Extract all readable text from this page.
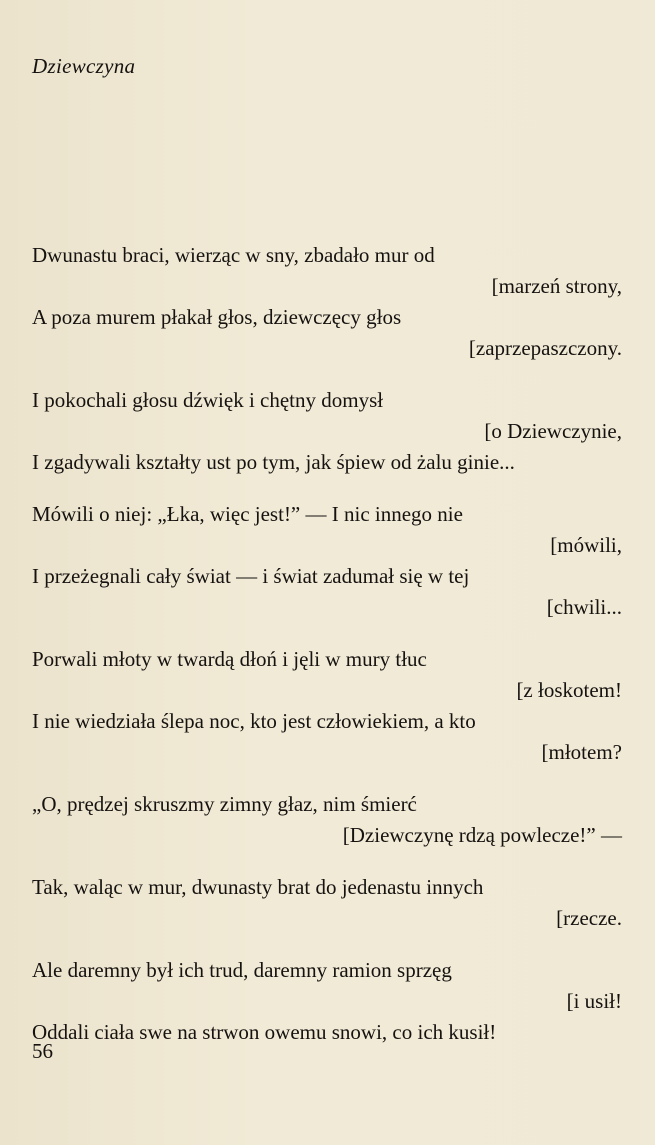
Dziewczyna
Dwunastu braci, wierząc w sny, zbadało mur od
[marzeń strony,
A poza murem płakał głos, dziewczęcy głos
[zaprzepaszczony.
I pokochali głosu dźwięk i chętny domysł
[o Dziewczynie,
I zgadywali kształty ust po tym, jak śpiew od żalu ginie...
Mówili o niej: „Łka, więc jest!” — I nic innego nie
[mówili,
I przeżegnali cały świat — i świat zadumał się w tej
[chwili...
Porwali młoty w twardą dłoń i jęli w mury tłuc
[z łoskotem!
I nie wiedziała ślepa noc, kto jest człowiekiem, a kto
[młotem?
„O, prędzej skruszmy zimny głaz, nim śmierć
[Dziewczynę rdzą powlecze!” —
Tak, waląc w mur, dwunasty brat do jedenastu innych
[rzecze.
Ale daremny był ich trud, daremny ramion sprzęg
[i usił!
Oddali ciała swe na strwon owemu snowi, co ich kusił!
56
